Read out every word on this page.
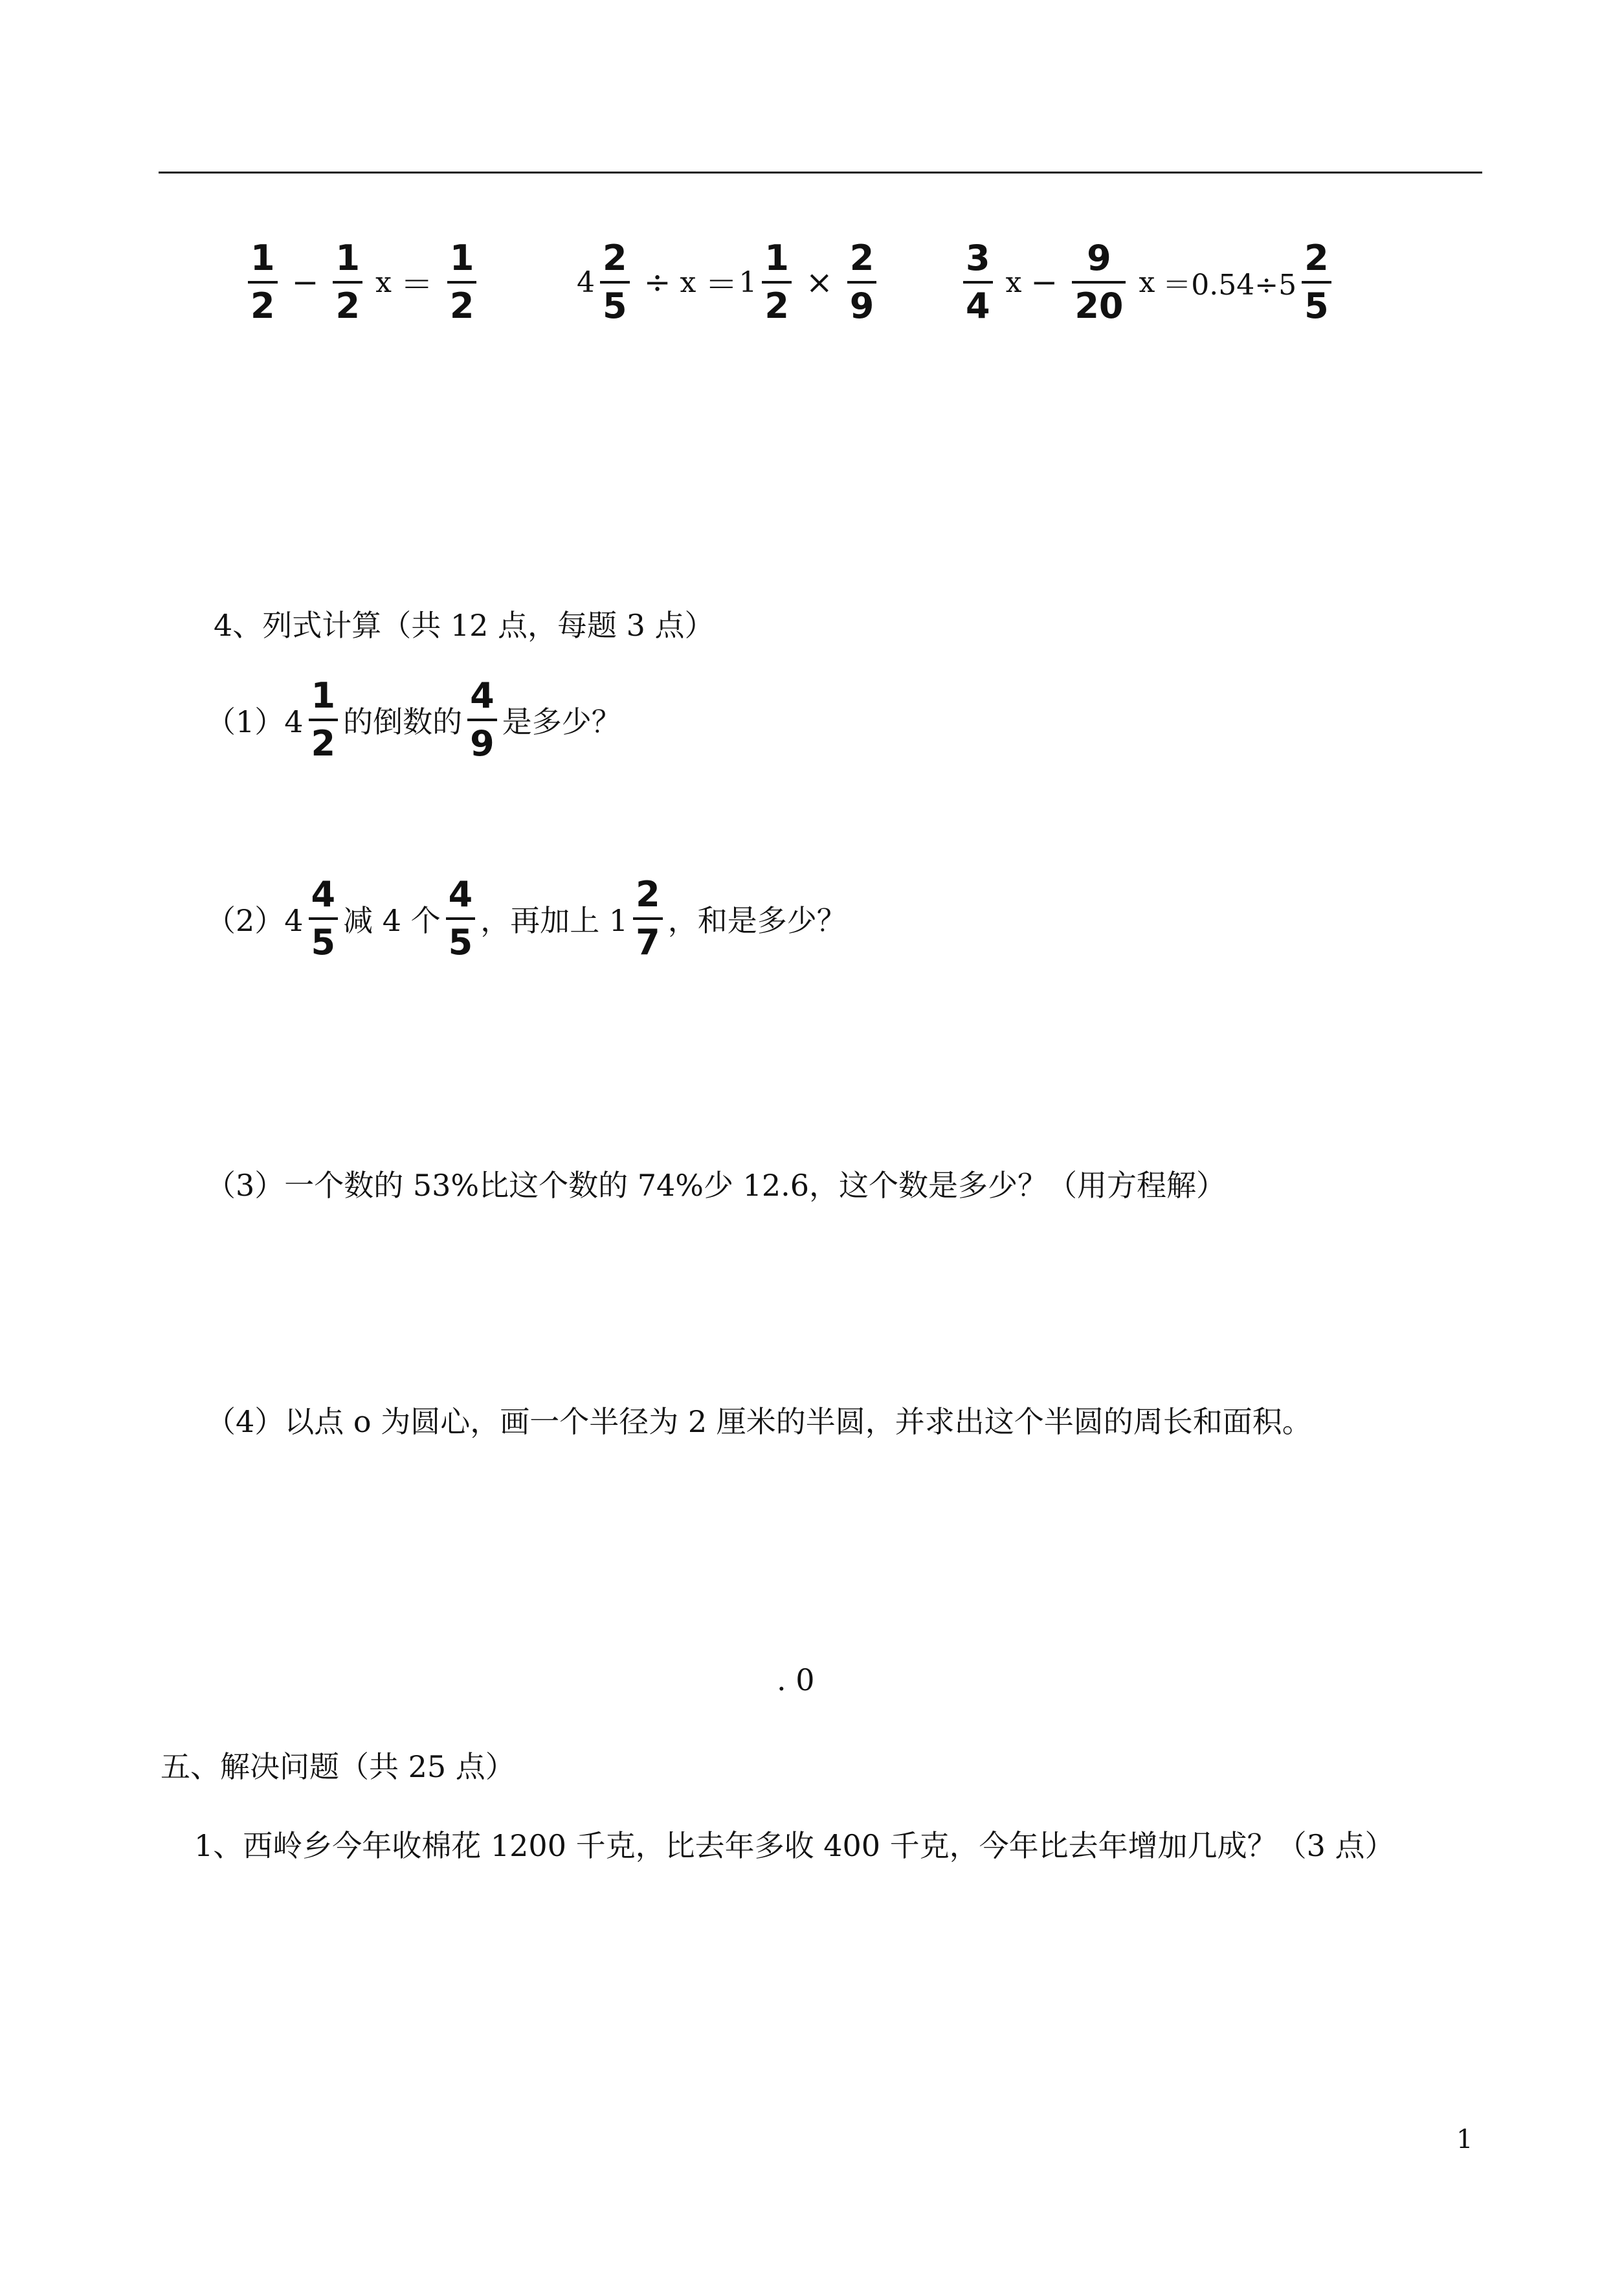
$\frac{1}{2} - \frac{1}{2}$ $x = \frac{1}{2}$	$4 \frac{2}{5} \div x = 1 \frac{1}{2} \times \frac{2}{9} \frac{3}{4}$ $x - \frac{9}{20}$ $x =0.54\div 5 \frac{2}{5}$
4、列式计算（共 12 点，每题 3 点）
$(1)4 \frac{1}{2}$ 的倒数的 $\frac{4}{9}$ 是多少？
$(2)4 \frac{4}{5}$ 减 4 个 $\frac{4}{5}$ ，再加上 $1 \frac{2}{7}$ ，和是多少？
（3）一个数的 53%比这个数的 74%少 12.6，这个数是多少？（用方程解）
（4）以点 o 为圆心，画一个半径为 2 厘米的半圆，并求出这个半圆的周长和面积。
. 0
五、解决问题（共 25 点）
1、西岭乡今年收棉花 1200 千克，比去年多收 400 千克，今年比去年增加几成？（3 点）
1
